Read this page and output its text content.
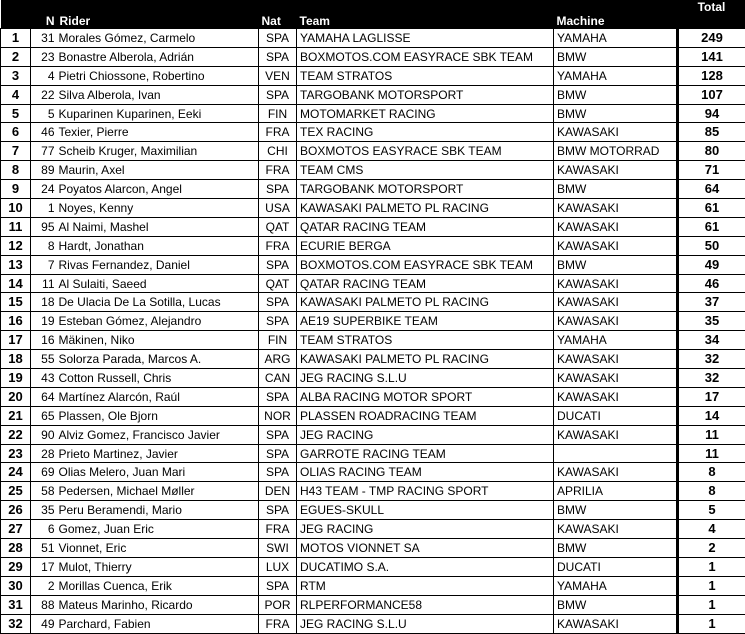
	N	Rider	Nat	Team	Machine	Total
1	31	Morales Gómez, Carmelo	SPA	YAMAHA LAGLISSE	YAMAHA	249
2	23	Bonastre Alberola, Adrián	SPA	BOXMOTOS.COM EASYRACE SBK TEAM	BMW	141
3	4	Pietri Chiossone, Robertino	VEN	TEAM STRATOS	YAMAHA	128
4	22	Silva Alberola, Ivan	SPA	TARGOBANK MOTORSPORT	BMW	107
5	5	Kuparinen Kuparinen, Eeki	FIN	MOTOMARKET RACING	BMW	94
6	46	Texier, Pierre	FRA	TEX RACING	KAWASAKI	85
7	77	Scheib Kruger, Maximilian	CHI	BOXMOTOS EASYRACE SBK TEAM	BMW MOTORRAD	80
8	89	Maurin, Axel	FRA	TEAM CMS	KAWASAKI	71
9	24	Poyatos Alarcon, Angel	SPA	TARGOBANK MOTORSPORT	BMW	64
10	1	Noyes, Kenny	USA	KAWASAKI PALMETO PL RACING	KAWASAKI	61
11	95	Al Naimi, Mashel	QAT	QATAR RACING TEAM	KAWASAKI	61
12	8	Hardt, Jonathan	FRA	ECURIE BERGA	KAWASAKI	50
13	7	Rivas Fernandez, Daniel	SPA	BOXMOTOS.COM EASYRACE SBK TEAM	BMW	49
14	11	Al Sulaiti, Saeed	QAT	QATAR RACING TEAM	KAWASAKI	46
15	18	De Ulacia De La Sotilla, Lucas	SPA	KAWASAKI PALMETO PL RACING	KAWASAKI	37
16	19	Esteban Gómez, Alejandro	SPA	AE19 SUPERBIKE TEAM	KAWASAKI	35
17	16	Mäkinen, Niko	FIN	TEAM STRATOS	YAMAHA	34
18	55	Solorza Parada, Marcos A.	ARG	KAWASAKI PALMETO PL RACING	KAWASAKI	32
19	43	Cotton Russell, Chris	CAN	JEG RACING S.L.U	KAWASAKI	32
20	64	Martínez Alarcón, Raúl	SPA	ALBA RACING MOTOR SPORT	KAWASAKI	17
21	65	Plassen, Ole Bjorn	NOR	PLASSEN ROADRACING TEAM	DUCATI	14
22	90	Alviz Gomez, Francisco Javier	SPA	JEG RACING	KAWASAKI	11
23	28	Prieto Martinez, Javier	SPA	GARROTE RACING TEAM		11
24	69	Olias Melero, Juan Mari	SPA	OLIAS RACING TEAM	KAWASAKI	8
25	58	Pedersen, Michael Møller	DEN	H43 TEAM - TMP RACING SPORT	APRILIA	8
26	35	Peru Beramendi, Mario	SPA	EGUES-SKULL	BMW	5
27	6	Gomez, Juan Eric	FRA	JEG RACING	KAWASAKI	4
28	51	Vionnet, Eric	SWI	MOTOS VIONNET SA	BMW	2
29	17	Mulot, Thierry	LUX	DUCATIMO S.A.	DUCATI	1
30	2	Morillas Cuenca, Erik	SPA	RTM	YAMAHA	1
31	88	Mateus Marinho, Ricardo	POR	RLPERFORMANCE58	BMW	1
32	49	Parchard, Fabien	FRA	JEG RACING S.L.U	KAWASAKI	1
